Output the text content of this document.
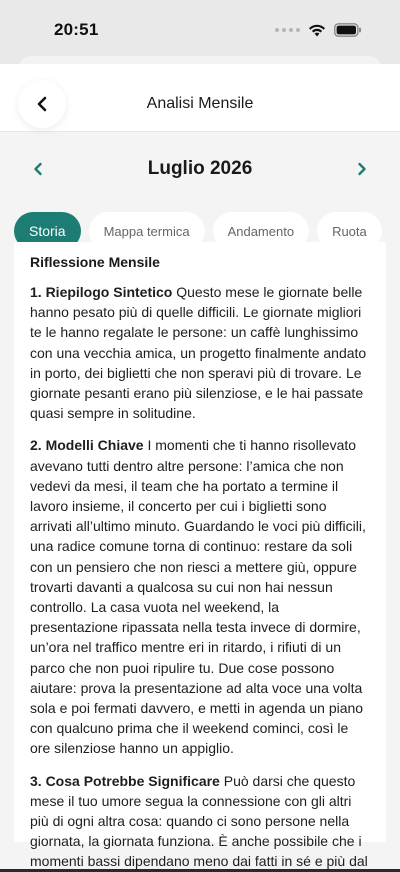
20:51
Analisi Mensile
Luglio 2026
Storia	Mappa termica	Andamento	Ruota
Riflessione Mensile

1. Riepilogo Sintetico Questo mese le giornate belle hanno pesato più di quelle difficili. Le giornate migliori te le hanno regalate le persone: un caffè lunghissimo con una vecchia amica, un progetto finalmente andato in porto, dei biglietti che non speravi più di trovare. Le giornate pesanti erano più silenziose, e le hai passate quasi sempre in solitudine.

2. Modelli Chiave I momenti che ti hanno risollevato avevano tutti dentro altre persone: l’amica che non vedevi da mesi, il team che ha portato a termine il lavoro insieme, il concerto per cui i biglietti sono arrivati all’ultimo minuto. Guardando le voci più difficili, una radice comune torna di continuo: restare da soli con un pensiero che non riesci a mettere giù, oppure trovarti davanti a qualcosa su cui non hai nessun controllo. La casa vuota nel weekend, la presentazione ripassata nella testa invece di dormire, un’ora nel traffico mentre eri in ritardo, i rifiuti di un parco che non puoi ripulire tu. Due cose possono aiutare: prova la presentazione ad alta voce una volta sola e poi fermati davvero, e metti in agenda un piano con qualcuno prima che il weekend cominci, così le ore silenziose hanno un appiglio.

3. Cosa Potrebbe Significare Può darsi che questo mese il tuo umore segua la connessione con gli altri più di ogni altra cosa: quando ci sono persone nella giornata, la giornata funziona. È anche possibile che i momenti bassi dipendano meno dai fatti in sé e più dal
